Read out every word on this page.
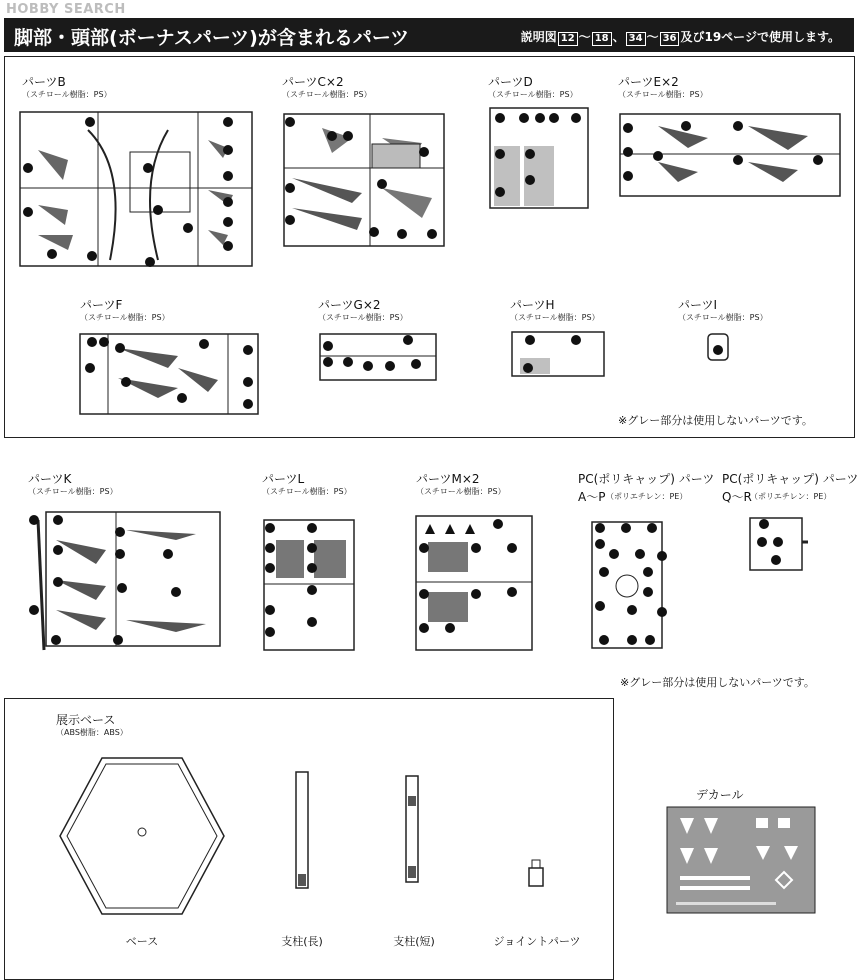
HOBBY SEARCH
脚部・頭部(ボーナスパーツ)が含まれるパーツ	説明図 12 〜 18 、 34 〜 36 及び19ページで使用します。
パーツB
（スチロール樹脂：PS）
パーツC×2
（スチロール樹脂：PS）
パーツD
（スチロール樹脂：PS）
パーツE×2
（スチロール樹脂：PS）
パーツF
（スチロール樹脂：PS）
パーツG×2
（スチロール樹脂：PS）
パーツH
（スチロール樹脂：PS）
パーツI
（スチロール樹脂：PS）
※グレー部分は使用しないパーツです。
パーツK
（スチロール樹脂：PS）
パーツL
（スチロール樹脂：PS）
パーツM×2
（スチロール樹脂：PS）
PC(ポリキャップ) パーツ
A〜P （ポリエチレン：PE）
PC(ポリキャップ) パーツ
Q〜R
（ポリエチレン：PE）
※グレー部分は使用しないパーツです。
展示ベース
（ABS樹脂：ABS）
ベース	支柱(長)	支柱(短)	ジョイントパーツ
デカール
